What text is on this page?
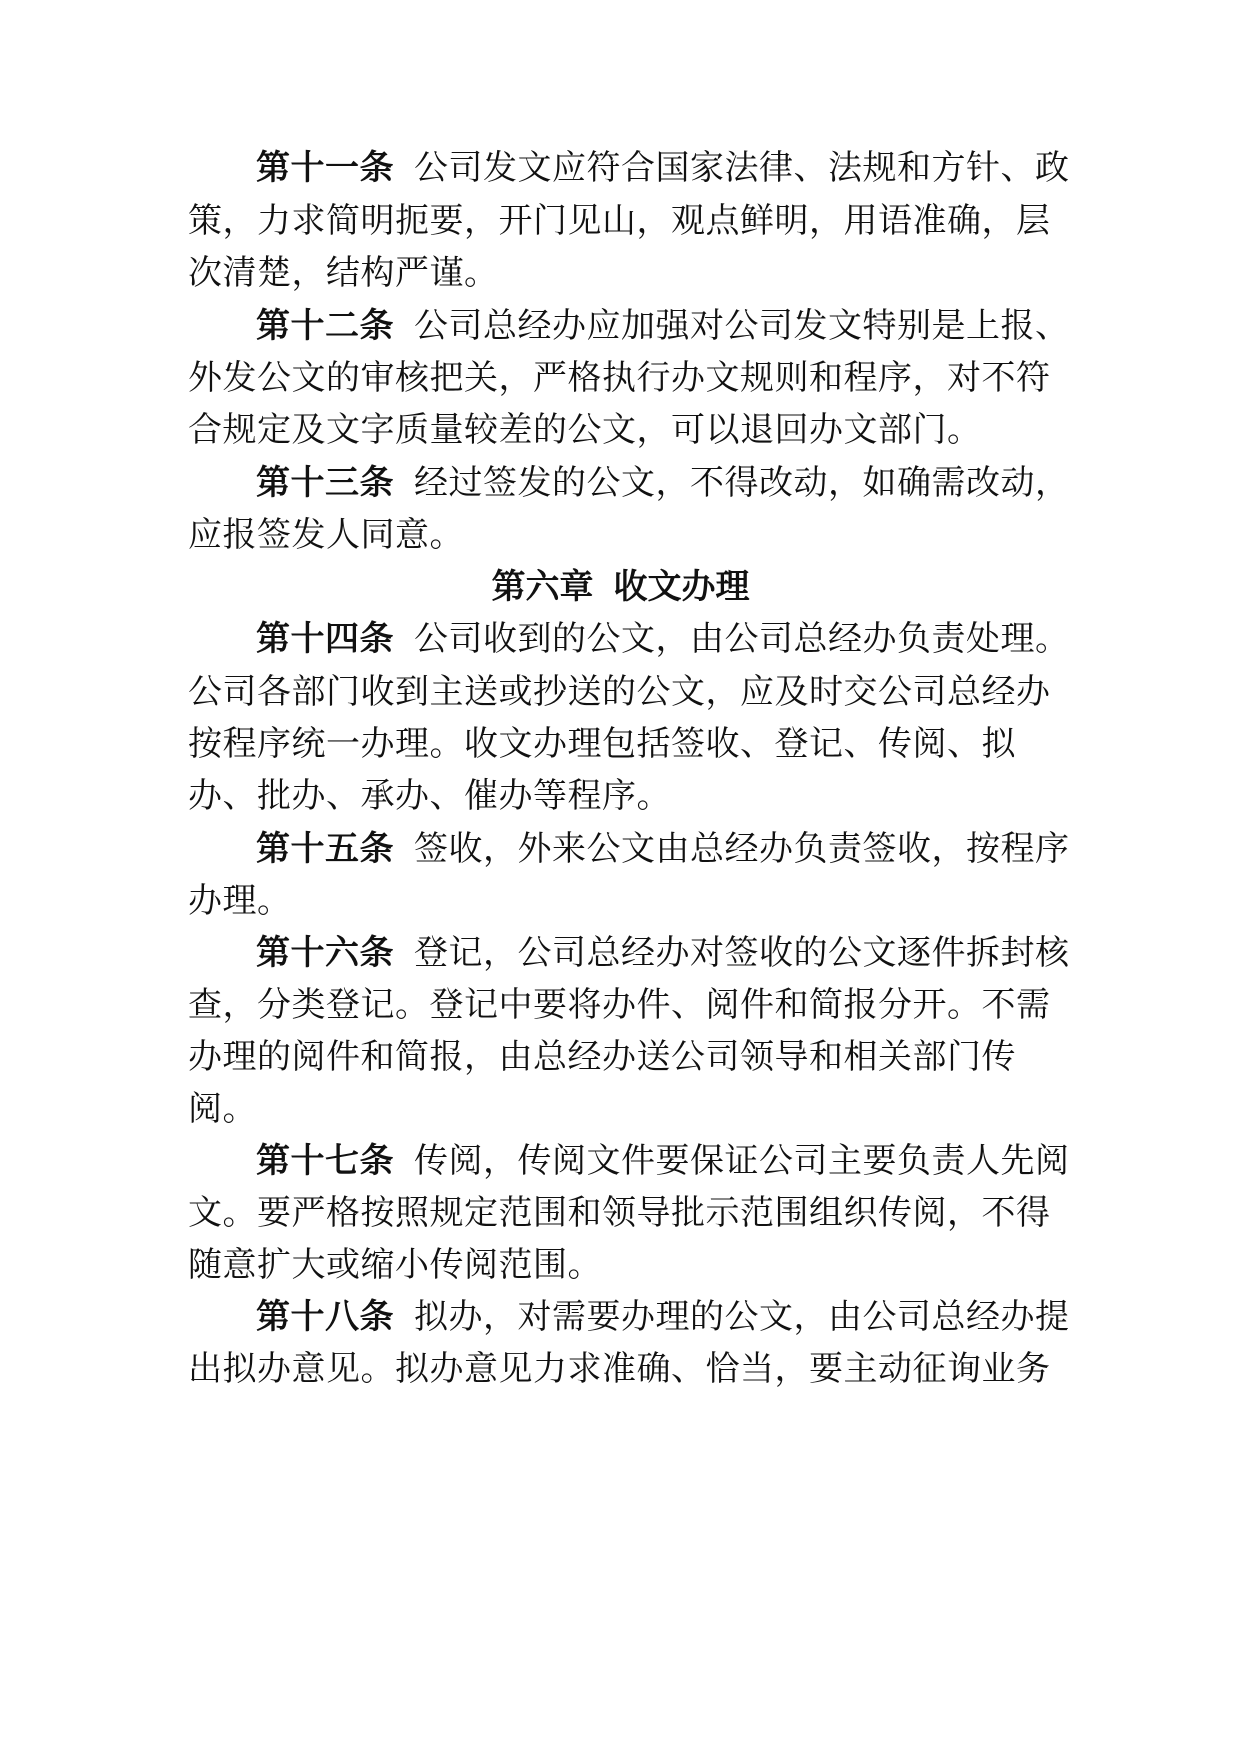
第十一条 公司发文应符合国家法律、法规和方针、政
策，力求简明扼要，开门见山，观点鲜明，用语准确，层
次清楚，结构严谨。
第十二条 公司总经办应加强对公司发文特别是上报、
外发公文的审核把关，严格执行办文规则和程序，对不符
合规定及文字质量较差的公文，可以退回办文部门。
第十三条 经过签发的公文，不得改动，如确需改动，
应报签发人同意。
第六章 收文办理
第十四条 公司收到的公文，由公司总经办负责处理。
公司各部门收到主送或抄送的公文，应及时交公司总经办
按程序统一办理。收文办理包括签收、登记、传阅、拟
办、批办、承办、催办等程序。
第十五条 签收，外来公文由总经办负责签收，按程序
办理。
第十六条 登记，公司总经办对签收的公文逐件拆封核
查，分类登记。登记中要将办件、阅件和简报分开。不需
办理的阅件和简报，由总经办送公司领导和相关部门传
阅。
第十七条 传阅，传阅文件要保证公司主要负责人先阅
文。要严格按照规定范围和领导批示范围组织传阅，不得
随意扩大或缩小传阅范围。
第十八条 拟办，对需要办理的公文，由公司总经办提
出拟办意见。拟办意见力求准确、恰当，要主动征询业务
